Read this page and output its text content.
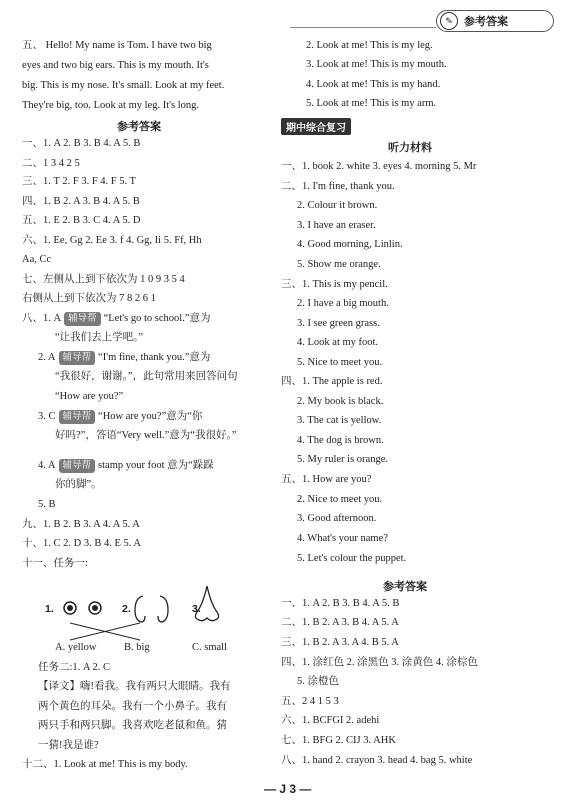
✎	参考答案
五、 Hello! My name is Tom. I have two big
eyes and two big ears. This is my mouth. It's
big. This is my nose. It's small. Look at my feet.
They're big, too. Look at my leg. It's long.
参考答案
一、1. A 2. B 3. B 4. A 5. B
二、1 3 4 2 5
三、1. T 2. F 3. F 4. F 5. T
四、1. B 2. A 3. B 4. A 5. B
五、1. E 2. B 3. C 4. A 5. D
六、1. Ee, Gg 2. Ee 3. f 4. Gg, Ii 5. Ff, Hh
Aa, Cc
七、左侧从上到下依次为 1 0 9 3 5 4
右侧从上到下依次为 7 8 2 6 1
八、1. A 辅导帮 “Let's go to school.”意为
“让我们去上学吧。”
2. A 辅导帮 “I'm fine, thank you.”意为
“我很好，谢谢。”，此句常用来回答问句
“How are you?”
3. C 辅导帮 “How are you?”意为“你
好吗?”，答语“Very well.”意为“我很好。”
4. A 辅导帮 stamp your foot 意为“跺跺
你的脚”。
5. B
九、1. B 2. B 3. A 4. A 5. A
十、1. C 2. D 3. B 4. E 5. A
十一、任务一:
1.	2.	3.
A. yellow	B. big	C. small
任务二:1. A 2. C
【译文】嗨!看我。我有两只大眼睛。我有
两个黄色的耳朵。我有一个小鼻子。我有
两只手和两只脚。我喜欢吃老鼠和鱼。猜
一猜!我是谁?
十二、1. Look at me! This is my body.
2. Look at me! This is my leg.
3. Look at me! This is my mouth.
4. Look at me! This is my hand.
5. Look at me! This is my arm.
期中综合复习
听力材料
一、1. book 2. white 3. eyes 4. morning 5. Mr
二、1. I'm fine, thank you.
2. Colour it brown.
3. I have an eraser.
4. Good morning, Linlin.
5. Show me orange.
三、1. This is my pencil.
2. I have a big mouth.
3. I see green grass.
4. Look at my foot.
5. Nice to meet you.
四、1. The apple is red.
2. My book is black.
3. The cat is yellow.
4. The dog is brown.
5. My ruler is orange.
五、1. How are you?
2. Nice to meet you.
3. Good afternoon.
4. What's your name?
5. Let's colour the puppet.
参考答案
一、1. A 2. B 3. B 4. A 5. B
二、1. B 2. A 3. B 4. A 5. A
三、1. B 2. A 3. A 4. B 5. A
四、1. 涂红色 2. 涂黑色 3. 涂黄色 4. 涂棕色
5. 涂橙色
五、2 4 1 5 3
六、1. BCFGI 2. adehi
七、1. BFG 2. CIJ 3. AHK
八、1. hand 2. crayon 3. head 4. bag 5. white
— J 3 —
